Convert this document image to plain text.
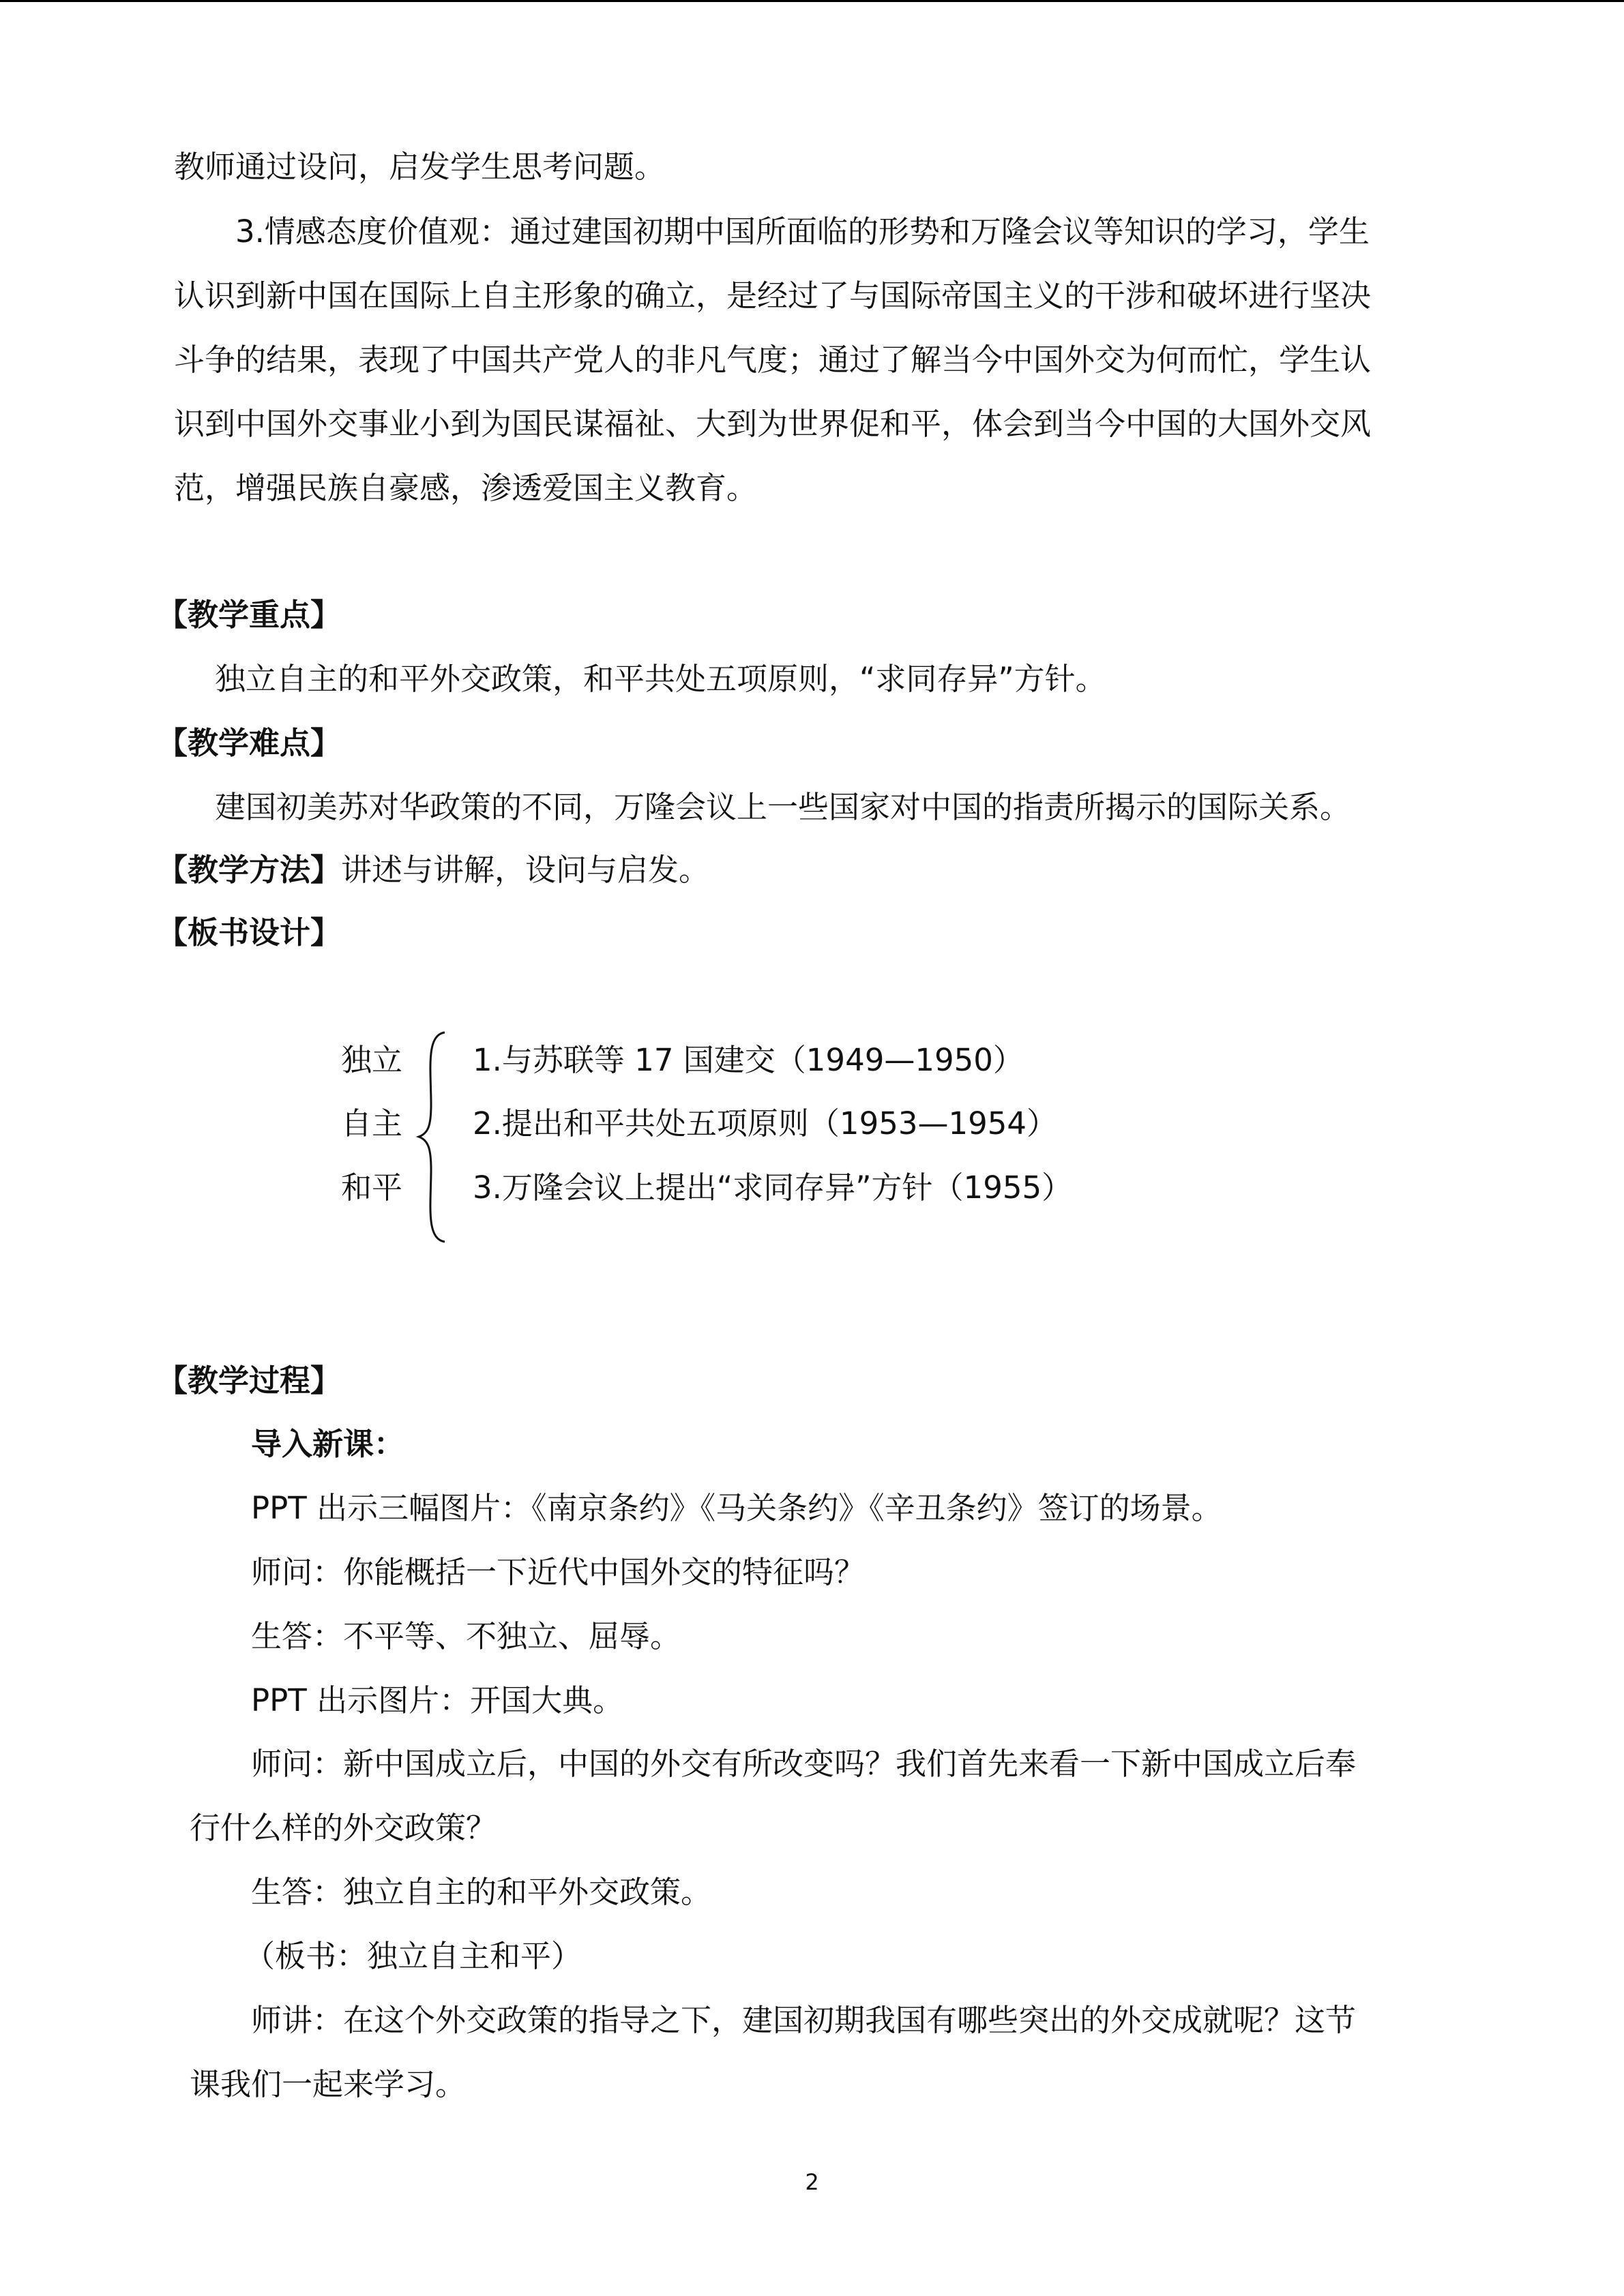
教师通过设问，启发学生思考问题。
3.情感态度价值观：通过建国初期中国所面临的形势和万隆会议等知识的学习，学生
认识到新中国在国际上自主形象的确立，是经过了与国际帝国主义的干涉和破坏进行坚决
斗争的结果，表现了中国共产党人的非凡气度；通过了解当今中国外交为何而忙，学生认
识到中国外交事业小到为国民谋福祉、大到为世界促和平，体会到当今中国的大国外交风
范，增强民族自豪感，渗透爱国主义教育。
【教学重点】
独立自主的和平外交政策，和平共处五项原则，“求同存异”方针。
【教学难点】
建国初美苏对华政策的不同，万隆会议上一些国家对中国的指责所揭示的国际关系。
【教学方法】讲述与讲解，设问与启发。
【板书设计】
独立
自主
和平
1.与苏联等 17 国建交（1949—1950）
2.提出和平共处五项原则（1953—1954）
3.万隆会议上提出“求同存异”方针（1955）
【教学过程】
导入新课：
PPT 出示三幅图片：《南京条约》《马关条约》《辛丑条约》签订的场景。
师问：你能概括一下近代中国外交的特征吗？
生答：不平等、不独立、屈辱。
PPT 出示图片：开国大典。
师问：新中国成立后，中国的外交有所改变吗？我们首先来看一下新中国成立后奉
行什么样的外交政策？
生答：独立自主的和平外交政策。
（板书：独立自主和平）
师讲：在这个外交政策的指导之下，建国初期我国有哪些突出的外交成就呢？这节
课我们一起来学习。
2
